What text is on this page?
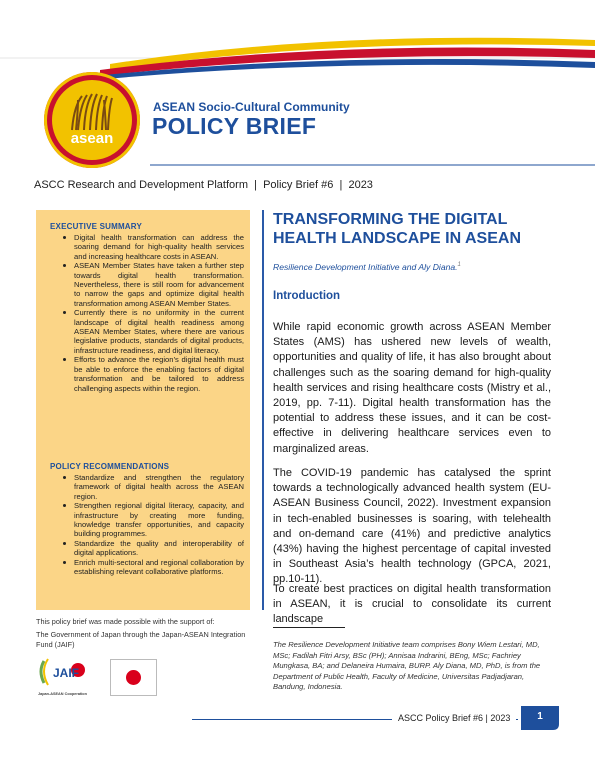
asean
ASEAN Socio-Cultural Community
POLICY BRIEF
ASCC Research and Development Platform  |  Policy Brief #6  |  2023
EXECUTIVE SUMMARY
Digital health transformation can address the soaring demand for high-quality health services and increasing healthcare costs in ASEAN.
ASEAN Member States have taken a further step towards digital health transformation. Nevertheless, there is still room for advancement to narrow the gaps and optimize digital health transformation among ASEAN Member States.
Currently there is no uniformity in the current landscape of digital health readiness among ASEAN Member States, where there are various legislative products, standards of digital products, infrastructure readiness, and digital literacy.
Efforts to advance the region’s digital health must be able to enforce the enabling factors of digital transformation and be tailored to address challenging aspects within the region.
POLICY RECOMMENDATIONS
Standardize and strengthen the regulatory framework of digital health across the ASEAN region.
Strengthen regional digital literacy, capacity, and infrastructure by creating more funding, knowledge transfer opportunities, and capacity building programmes.
Standardize the quality and interoperability of digital applications.
Enrich multi-sectoral and regional collaboration by establishing relevant collaborative platforms.
This policy brief was made possible with the support of:
The Government of Japan through the Japan-ASEAN Integration Fund (JAIF)
JAIF
Japan-ASEAN Cooperation
TRANSFORMING THE DIGITAL HEALTH LANDSCAPE IN ASEAN
Resilience Development Initiative and Aly Diana.$^1$
Introduction

While rapid economic growth across ASEAN Member States (AMS) has ushered new levels of wealth, opportunities and quality of life, it has also brought about challenges such as the soaring demand for high-quality health services and rising healthcare costs (Mistry et al., 2019, pp. 7-11). Digital health transformation has the potential to address these issues, and it can be cost-effective in delivering healthcare services even to marginalized areas.

The COVID-19 pandemic has catalysed the sprint towards a technologically advanced health system (EU-ASEAN Business Council, 2022). Investment expansion in tech-enabled businesses is soaring, with telehealth and on-demand care (41%) and predictive analytics (43%) having the highest percentage of capital invested in Southeast Asia’s health technology (GPCA, 2021, pp.10-11).

To create best practices on digital health transformation in ASEAN, it is crucial to consolidate its current landscape

The Resilience Development Initiative team comprises Bony Wiem Lestari, MD, MSc; Fadilah Fitri Arsy, BSc (PH); Annisaa Indrarini, BEng, MSc; Fachriey Mungkasa, BA; and Delaneira Humaira, BURP. Aly Diana, MD, PhD, is from the Department of Public Health, Faculty of Medicine, Universitas Padjadjaran, Bandung, Indonesia.

ASCC Policy Brief #6 | 2023	1
